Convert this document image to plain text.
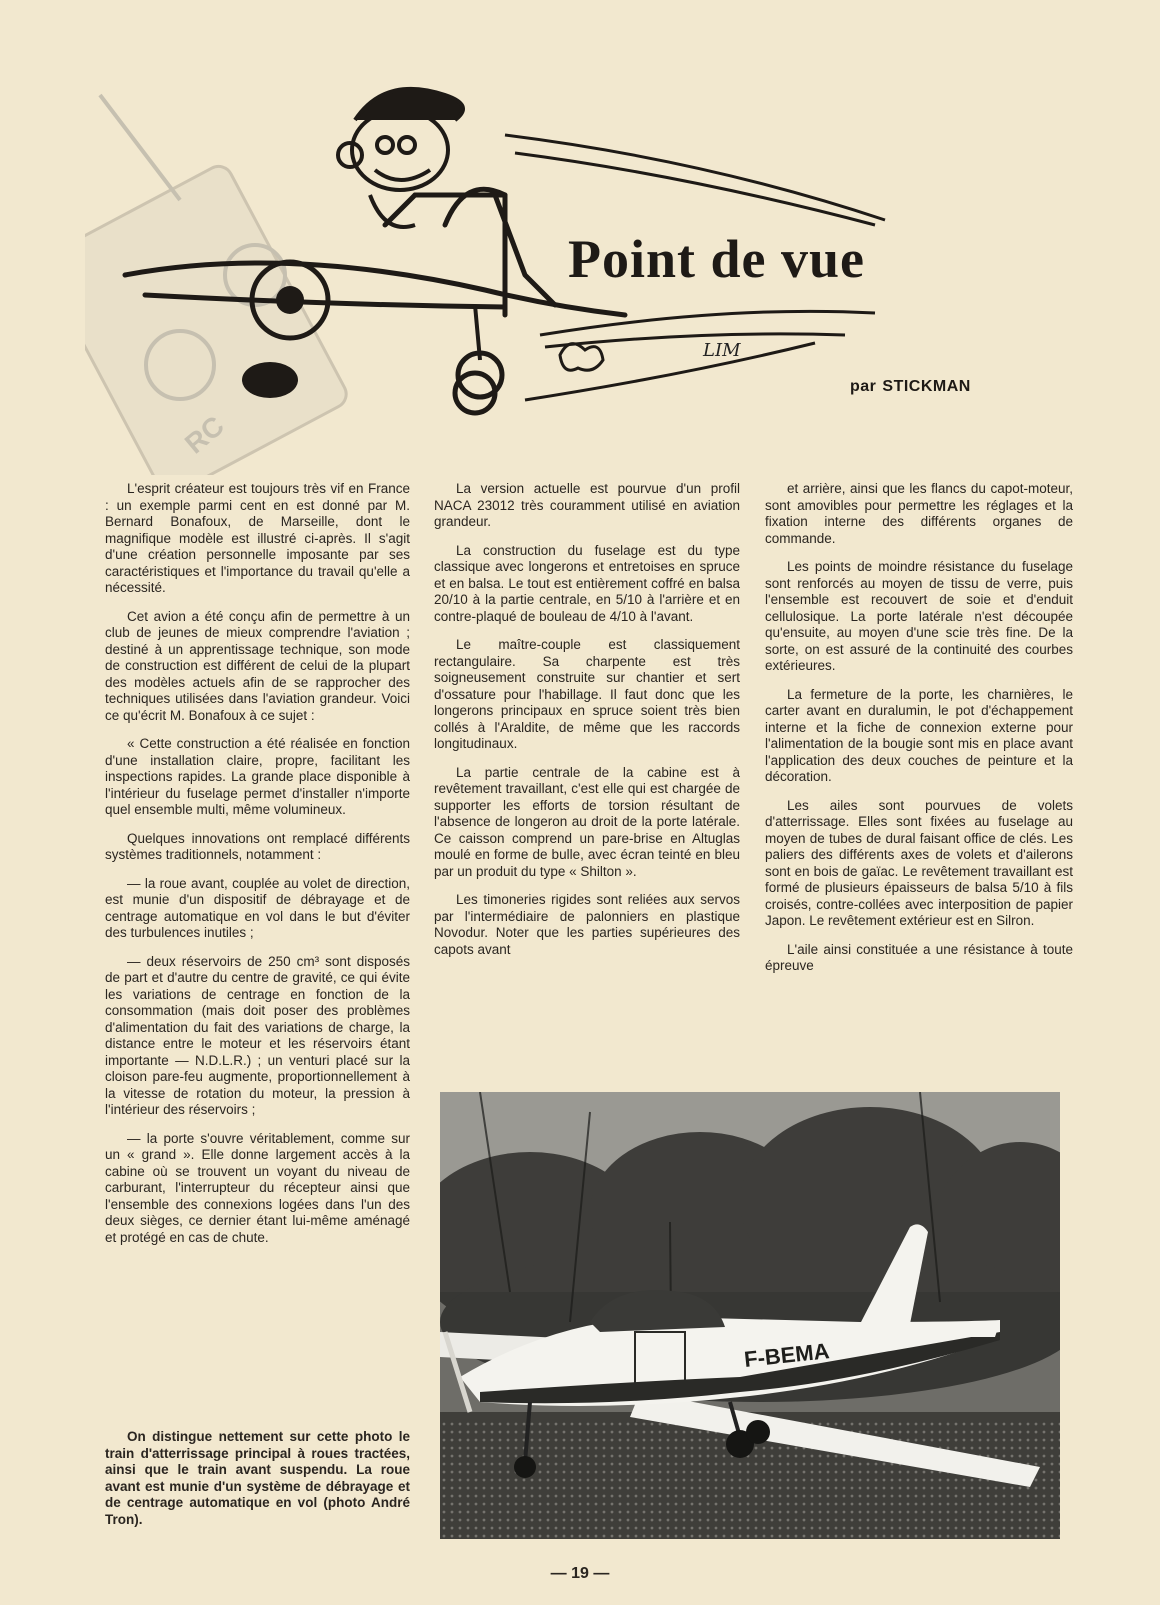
RC
Point de vue
LIM
par STICKMAN

L'esprit créateur est toujours très vif en France : un exemple parmi cent en est donné par M. Bernard Bonafoux, de Marseille, dont le magnifique modèle est illustré ci-après. Il s'agit d'une création personnelle imposante par ses caractéristiques et l'importance du travail qu'elle a nécessité.

Cet avion a été conçu afin de permettre à un club de jeunes de mieux comprendre l'aviation ; destiné à un apprentissage technique, son mode de construction est différent de celui de la plupart des modèles actuels afin de se rapprocher des techniques utilisées dans l'aviation grandeur. Voici ce qu'écrit M. Bonafoux à ce sujet :

« Cette construction a été réalisée en fonction d'une installation claire, propre, facilitant les inspections rapides. La grande place disponible à l'intérieur du fuselage permet d'installer n'importe quel ensemble multi, même volumineux.

Quelques innovations ont remplacé différents systèmes traditionnels, notamment :

— la roue avant, couplée au volet de direction, est munie d'un dispositif de débrayage et de centrage automatique en vol dans le but d'éviter des turbulences inutiles ;

— deux réservoirs de 250 cm³ sont disposés de part et d'autre du centre de gravité, ce qui évite les variations de centrage en fonction de la consommation (mais doit poser des problèmes d'alimentation du fait des variations de charge, la distance entre le moteur et les réservoirs étant importante — N.D.L.R.) ; un venturi placé sur la cloison pare-feu augmente, proportionnellement à la vitesse de rotation du moteur, la pression à l'intérieur des réservoirs ;

— la porte s'ouvre véritablement, comme sur un « grand ». Elle donne largement accès à la cabine où se trouvent un voyant du niveau de carburant, l'interrupteur du récepteur ainsi que l'ensemble des connexions logées dans l'un des deux sièges, ce dernier étant lui-même aménagé et protégé en cas de chute.

La version actuelle est pourvue d'un profil NACA 23012 très couramment utilisé en aviation grandeur.

La construction du fuselage est du type classique avec longerons et entretoises en spruce et en balsa. Le tout est entièrement coffré en balsa 20/10 à la partie centrale, en 5/10 à l'arrière et en contre-plaqué de bouleau de 4/10 à l'avant.

Le maître-couple est classiquement rectangulaire. Sa charpente est très soigneusement construite sur chantier et sert d'ossature pour l'habillage. Il faut donc que les longerons principaux en spruce soient très bien collés à l'Araldite, de même que les raccords longitudinaux.

La partie centrale de la cabine est à revêtement travaillant, c'est elle qui est chargée de supporter les efforts de torsion résultant de l'absence de longeron au droit de la porte latérale. Ce caisson comprend un pare-brise en Altuglas moulé en forme de bulle, avec écran teinté en bleu par un produit du type « Shilton ».

Les timoneries rigides sont reliées aux servos par l'intermédiaire de palonniers en plastique Novodur. Noter que les parties supérieures des capots avant

et arrière, ainsi que les flancs du capot-moteur, sont amovibles pour permettre les réglages et la fixation interne des différents organes de commande.

Les points de moindre résistance du fuselage sont renforcés au moyen de tissu de verre, puis l'ensemble est recouvert de soie et d'enduit cellulosique. La porte latérale n'est découpée qu'ensuite, au moyen d'une scie très fine. De la sorte, on est assuré de la continuité des courbes extérieures.

La fermeture de la porte, les charnières, le carter avant en duralumin, le pot d'échappement interne et la fiche de connexion externe pour l'alimentation de la bougie sont mis en place avant l'application des deux couches de peinture et la décoration.

Les ailes sont pourvues de volets d'atterrissage. Elles sont fixées au fuselage au moyen de tubes de dural faisant office de clés. Les paliers des différents axes de volets et d'ailerons sont en bois de gaïac. Le revêtement travaillant est formé de plusieurs épaisseurs de balsa 5/10 à fils croisés, contre-collées avec interposition de papier Japon. Le revêtement extérieur est en Silron.

L'aile ainsi constituée a une résistance à toute épreuve

On distingue nettement sur cette photo le train d'atterrissage principal à roues tractées, ainsi que le train avant suspendu. La roue avant est munie d'un système de débrayage et de centrage automatique en vol (photo André Tron).

F-BEMA
— 19 —
